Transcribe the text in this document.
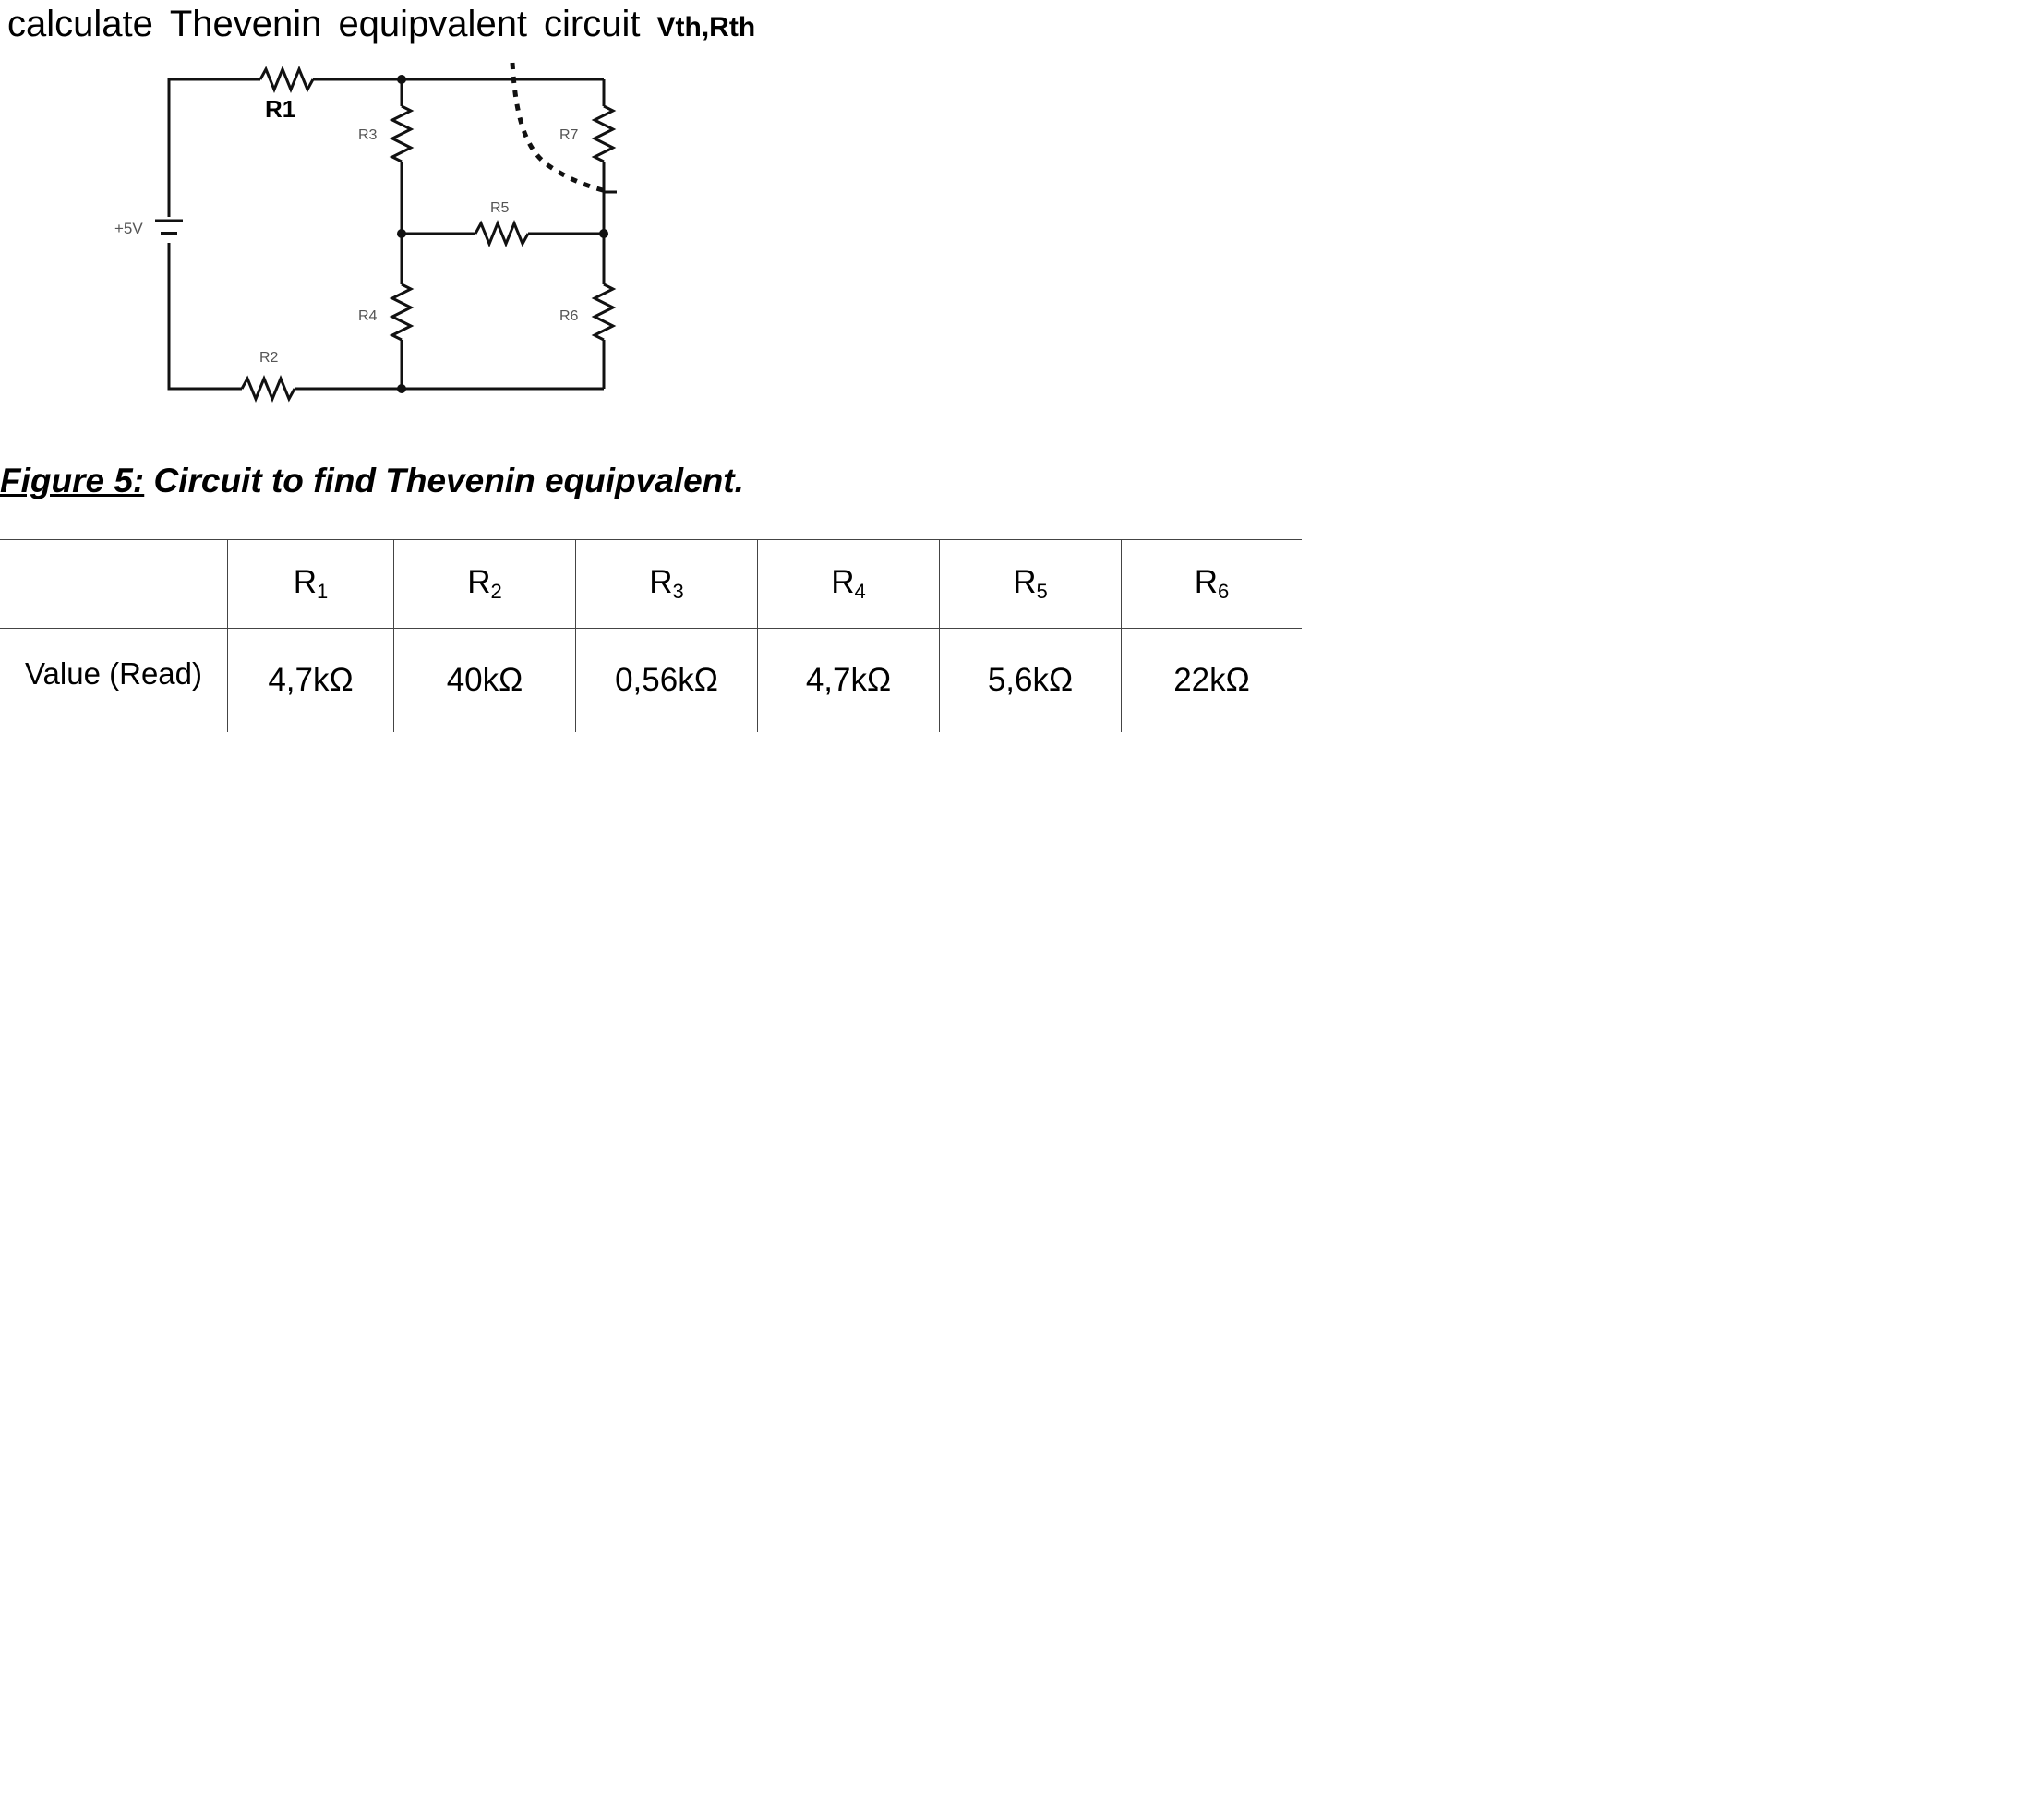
calculate Thevenin equipvalent circuit Vth,Rth
+5V
R1
R3	R7
R5
R4	R6
R2
Figure 5: Circuit to find Thevenin equipvalent.
	$R_1$	$R_2$	$R_3$	$R_4$	$R_5$	$R_6$
Value (Read)	4,7kΩ	40kΩ	0,56kΩ	4,7kΩ	5,6kΩ	22kΩ
